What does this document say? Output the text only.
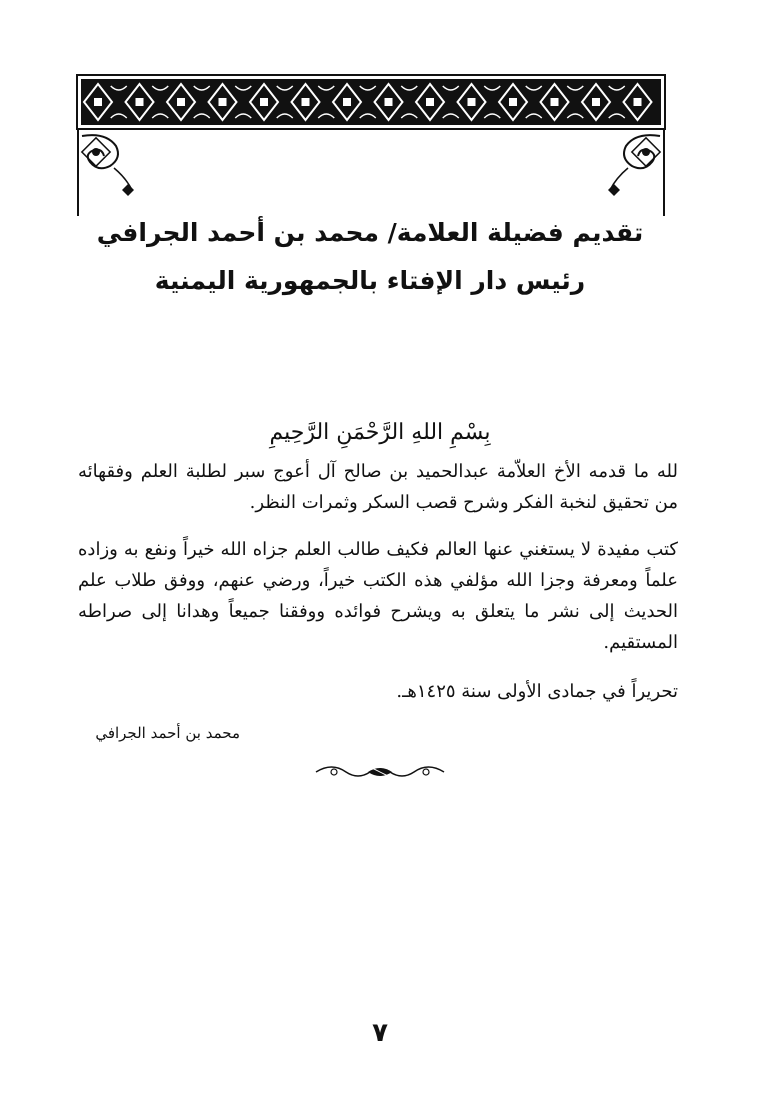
تقديم فضيلة العلامة/ محمد بن أحمد الجرافي
رئيس دار الإفتاء بالجمهورية اليمنية
بِسْمِ اللهِ الرَّحْمَنِ الرَّحِيمِ
لله ما قدمه الأخ العلاّمة عبدالحميد بن صالح آل أعوج سبر لطلبة العلم وفقهائه من تحقيق لنخبة الفكر وشرح قصب السكر وثمرات النظر.
كتب مفيدة لا يستغني عنها العالم فكيف طالب العلم جزاه الله خيراً ونفع به وزاده علماً ومعرفة وجزا الله مؤلفي هذه الكتب خيراً، ورضي عنهم، ووفق طلاب علم الحديث إلى نشر ما يتعلق به ويشرح فوائده ووفقنا جميعاً وهدانا إلى صراطه المستقيم.
تحريراً في جمادى الأولى سنة ١٤٢٥هـ.
محمد بن أحمد الجرافي
٧
